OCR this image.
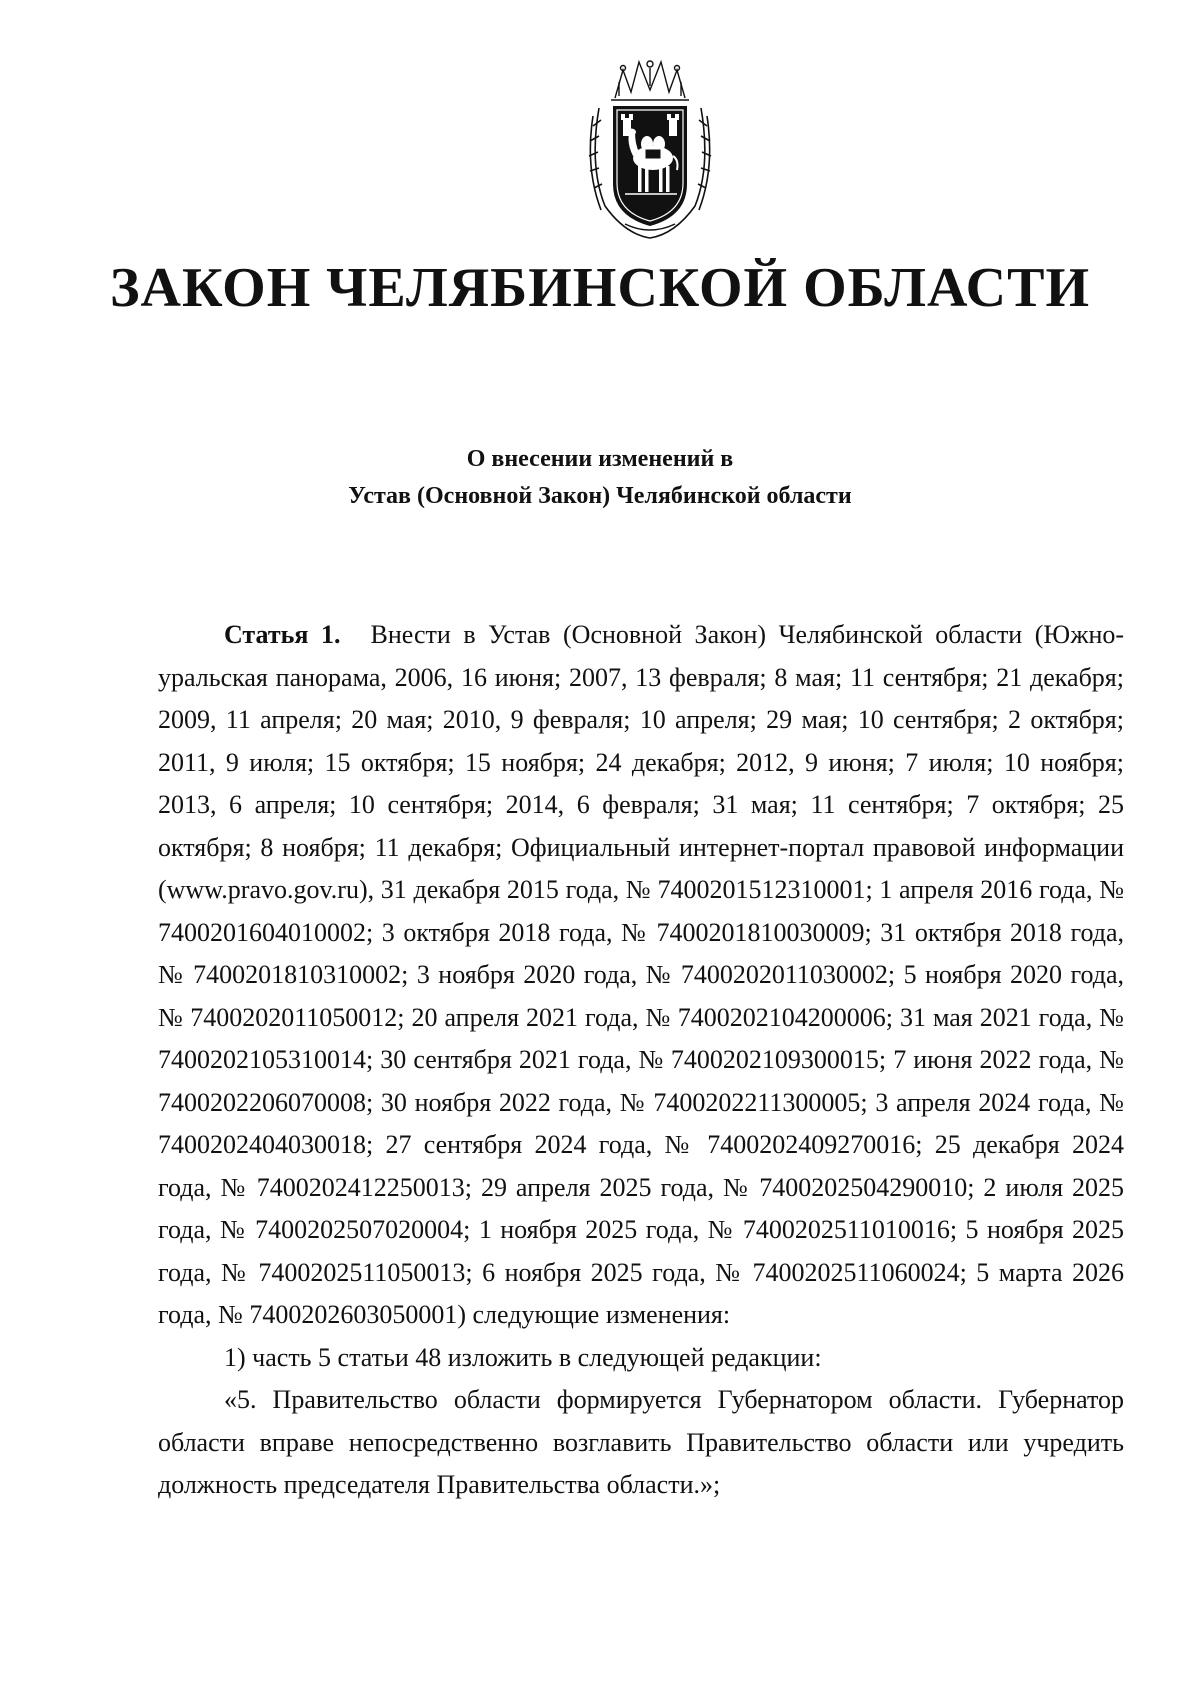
ЗАКОН ЧЕЛЯБИНСКОЙ ОБЛАСТИ
О внесении изменений в
Устав (Основной Закон) Челябинской области

Статья 1. Внести в Устав (Основной Закон) Челябинской области (Южно-уральская панорама, 2006, 16 июня; 2007, 13 февраля; 8 мая; 11 сентября; 21 декабря; 2009, 11 апреля; 20 мая; 2010, 9 февраля; 10 апреля; 29 мая; 10 сентября; 2 октября; 2011, 9 июля; 15 октября; 15 ноября; 24 декабря; 2012, 9 июня; 7 июля; 10 ноября; 2013, 6 апреля; 10 сентября; 2014, 6 февраля; 31 мая; 11 сентября; 7 октября; 25 октября; 8 ноября; 11 декабря; Официальный интернет-портал правовой информации (www.pravo.gov.ru), 31 декабря 2015 года, № 7400201512310001; 1 апреля 2016 года, № 7400201604010002; 3 октября 2018 года, № 7400201810030009; 31 октября 2018 года, № 7400201810310002; 3 ноября 2020 года, № 7400202011030002; 5 ноября 2020 года, № 7400202011050012; 20 апреля 2021 года, № 7400202104200006; 31 мая 2021 года, № 7400202105310014; 30 сентября 2021 года, № 7400202109300015; 7 июня 2022 года, № 7400202206070008; 30 ноября 2022 года, № 7400202211300005; 3 апреля 2024 года, № 7400202404030018; 27 сентября 2024 года, № 7400202409270016; 25 декабря 2024 года, № 7400202412250013; 29 апреля 2025 года, № 7400202504290010; 2 июля 2025 года, № 7400202507020004; 1 ноября 2025 года, № 7400202511010016; 5 ноября 2025 года, № 7400202511050013; 6 ноября 2025 года, № 7400202511060024; 5 марта 2026 года, № 7400202603050001) следующие изменения:

1) часть 5 статьи 48 изложить в следующей редакции:

«5. Правительство области формируется Губернатором области. Губернатор области вправе непосредственно возглавить Правительство области или учредить должность председателя Правительства области.»;
